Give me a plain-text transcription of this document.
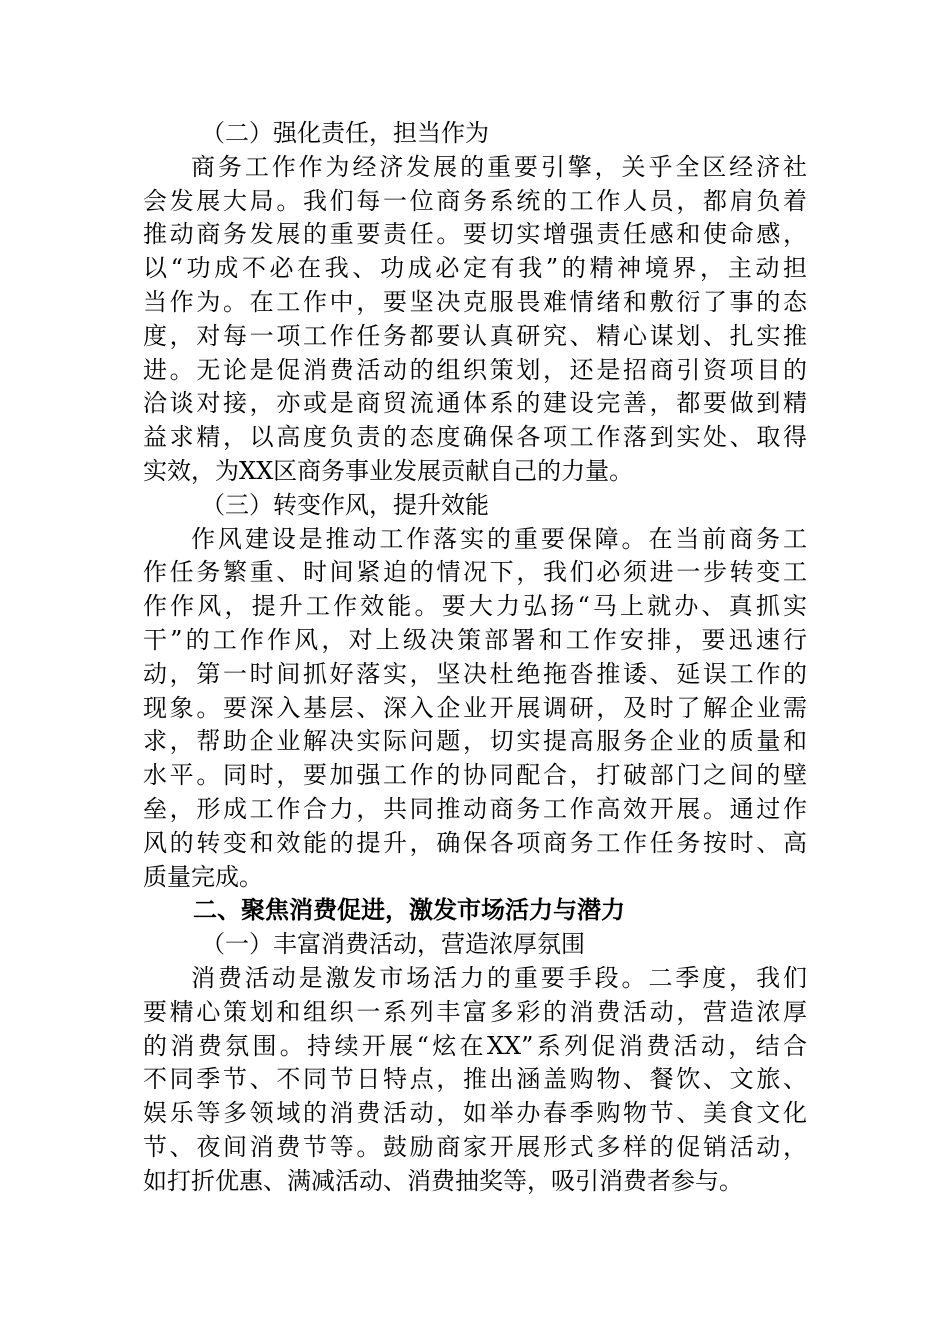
（二）强化责任，担当作为
商务工作作为经济发展的重要引擎，关乎全区经济社
会发展大局。我们每一位商务系统的工作人员，都肩负着
推动商务发展的重要责任。要切实增强责任感和使命感，
以“功成不必在我、功成必定有我”的精神境界，主动担
当作为。在工作中，要坚决克服畏难情绪和敷衍了事的态
度，对每一项工作任务都要认真研究、精心谋划、扎实推
进。无论是促消费活动的组织策划，还是招商引资项目的
洽谈对接，亦或是商贸流通体系的建设完善，都要做到精
益求精，以高度负责的态度确保各项工作落到实处、取得
实效，为XX区商务事业发展贡献自己的力量。
（三）转变作风，提升效能
作风建设是推动工作落实的重要保障。在当前商务工
作任务繁重、时间紧迫的情况下，我们必须进一步转变工
作作风，提升工作效能。要大力弘扬“马上就办、真抓实
干”的工作作风，对上级决策部署和工作安排，要迅速行
动，第一时间抓好落实，坚决杜绝拖沓推诿、延误工作的
现象。要深入基层、深入企业开展调研，及时了解企业需
求，帮助企业解决实际问题，切实提高服务企业的质量和
水平。同时，要加强工作的协同配合，打破部门之间的壁
垒，形成工作合力，共同推动商务工作高效开展。通过作
风的转变和效能的提升，确保各项商务工作任务按时、高
质量完成。
二、聚焦消费促进，激发市场活力与潜力
（一）丰富消费活动，营造浓厚氛围
消费活动是激发市场活力的重要手段。二季度，我们
要精心策划和组织一系列丰富多彩的消费活动，营造浓厚
的消费氛围。持续开展“炫在XX”系列促消费活动，结合
不同季节、不同节日特点，推出涵盖购物、餐饮、文旅、
娱乐等多领域的消费活动，如举办春季购物节、美食文化
节、夜间消费节等。鼓励商家开展形式多样的促销活动，
如打折优惠、满减活动、消费抽奖等，吸引消费者参与。
